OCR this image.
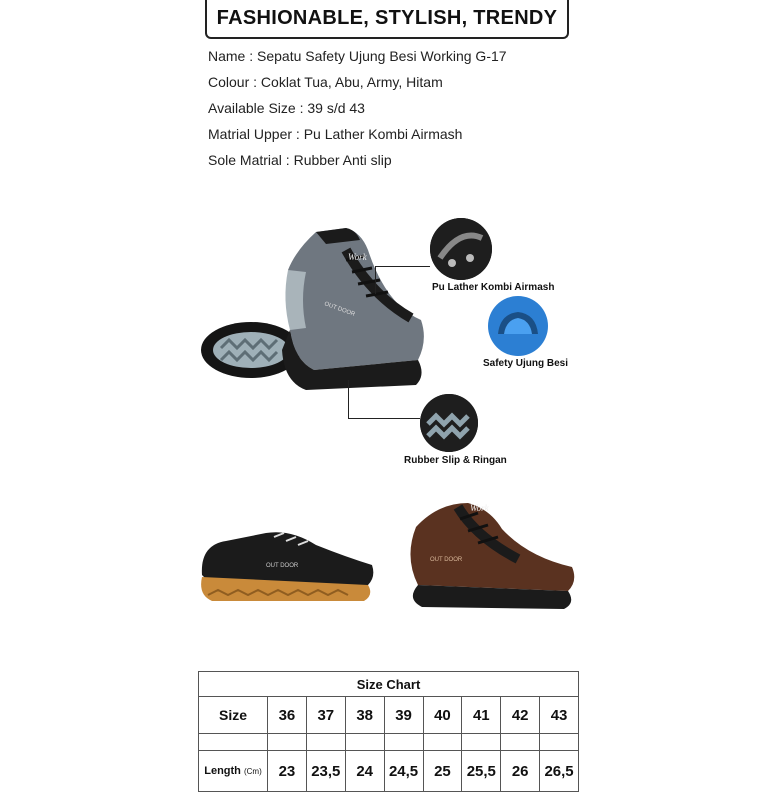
FASHIONABLE, STYLISH, TRENDY
Name : Sepatu Safety Ujung Besi Working G-17
Colour : Coklat Tua, Abu, Army, Hitam
Available Size : 39 s/d 43
Matrial Upper : Pu Lather Kombi Airmash
Sole Matrial : Rubber Anti slip
OUT DOOR
Work
Pu Lather Kombi Airmash
Safety Ujung Besi
Rubber Slip & Ringan
OUT DOOR
OUT DOOR
Work
Size Chart								
Size	36	37	38	39	40	41	42	43

Length (Cm)	23	23,5	24	24,5	25	25,5	26	26,5
